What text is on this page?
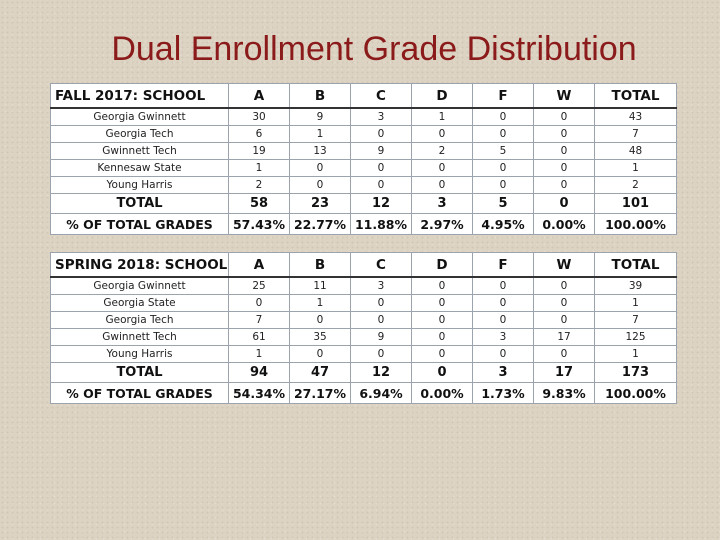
Dual Enrollment Grade Distribution
FALL 2017: SCHOOL	A	B	C	D	F	W	TOTAL
Georgia Gwinnett	30	9	3	1	0	0	43
Georgia Tech	6	1	0	0	0	0	7
Gwinnett Tech	19	13	9	2	5	0	48
Kennesaw State	1	0	0	0	0	0	1
Young Harris	2	0	0	0	0	0	2
TOTAL	58	23	12	3	5	0	101
% OF TOTAL GRADES	57.43%	22.77%	11.88%	2.97%	4.95%	0.00%	100.00%
SPRING 2018: SCHOOL	A	B	C	D	F	W	TOTAL
Georgia Gwinnett	25	11	3	0	0	0	39
Georgia State	0	1	0	0	0	0	1
Georgia Tech	7	0	0	0	0	0	7
Gwinnett Tech	61	35	9	0	3	17	125
Young Harris	1	0	0	0	0	0	1
TOTAL	94	47	12	0	3	17	173
% OF TOTAL GRADES	54.34%	27.17%	6.94%	0.00%	1.73%	9.83%	100.00%
